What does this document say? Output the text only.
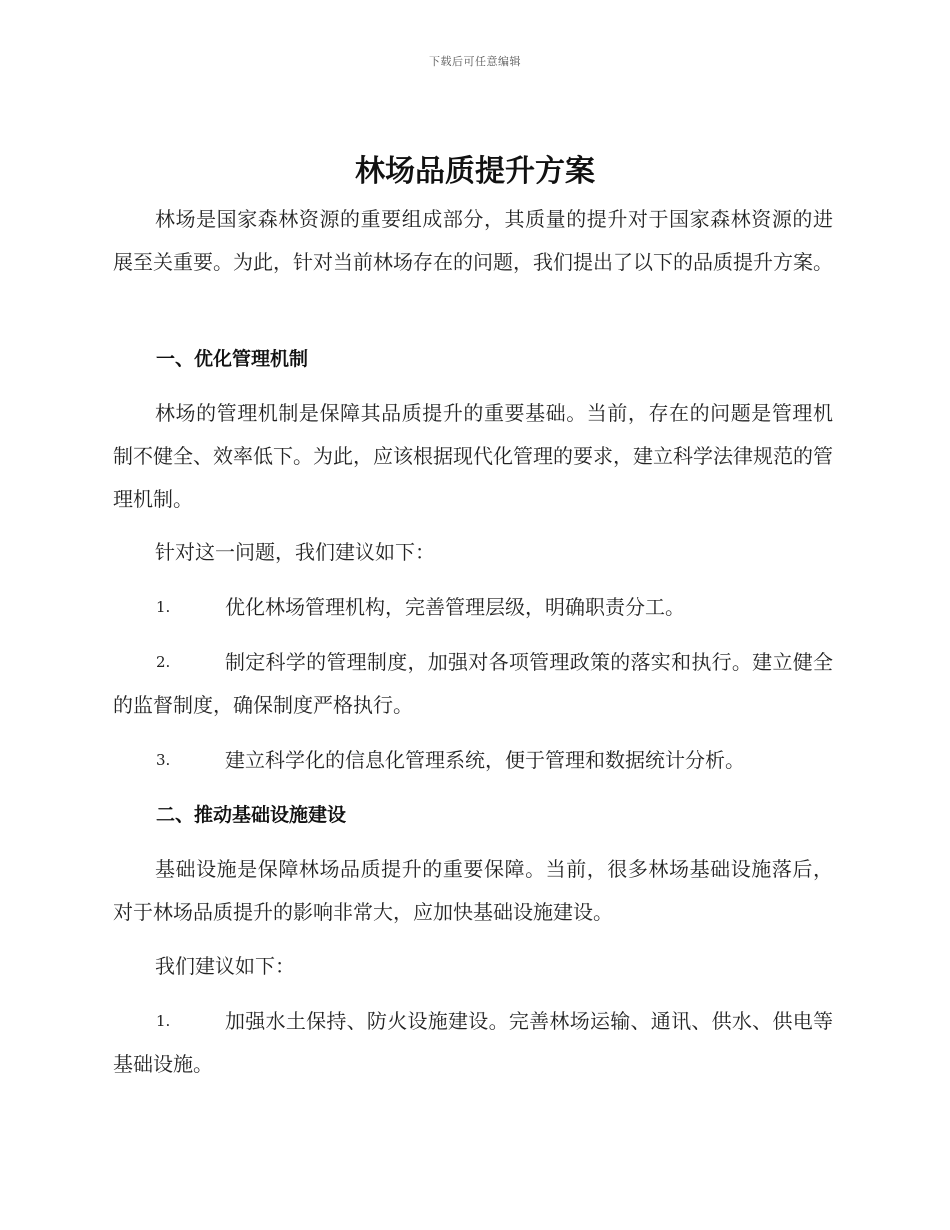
下载后可任意编辑
林场品质提升方案
林场是国家森林资源的重要组成部分，其质量的提升对于国家森林资源的进展至关重要。为此，针对当前林场存在的问题，我们提出了以下的品质提升方案。
一、优化管理机制
林场的管理机制是保障其品质提升的重要基础。当前，存在的问题是管理机制不健全、效率低下。为此，应该根据现代化管理的要求，建立科学法律规范的管理机制。
针对这一问题，我们建议如下：
1.	优化林场管理机构，完善管理层级，明确职责分工。
2.	制定科学的管理制度，加强对各项管理政策的落实和执行。建立健全的监督制度，确保制度严格执行。
3.	建立科学化的信息化管理系统，便于管理和数据统计分析。
二、推动基础设施建设
基础设施是保障林场品质提升的重要保障。当前，很多林场基础设施落后，对于林场品质提升的影响非常大，应加快基础设施建设。
我们建议如下：
1.	加强水土保持、防火设施建设。完善林场运输、通讯、供水、供电等基础设施。
